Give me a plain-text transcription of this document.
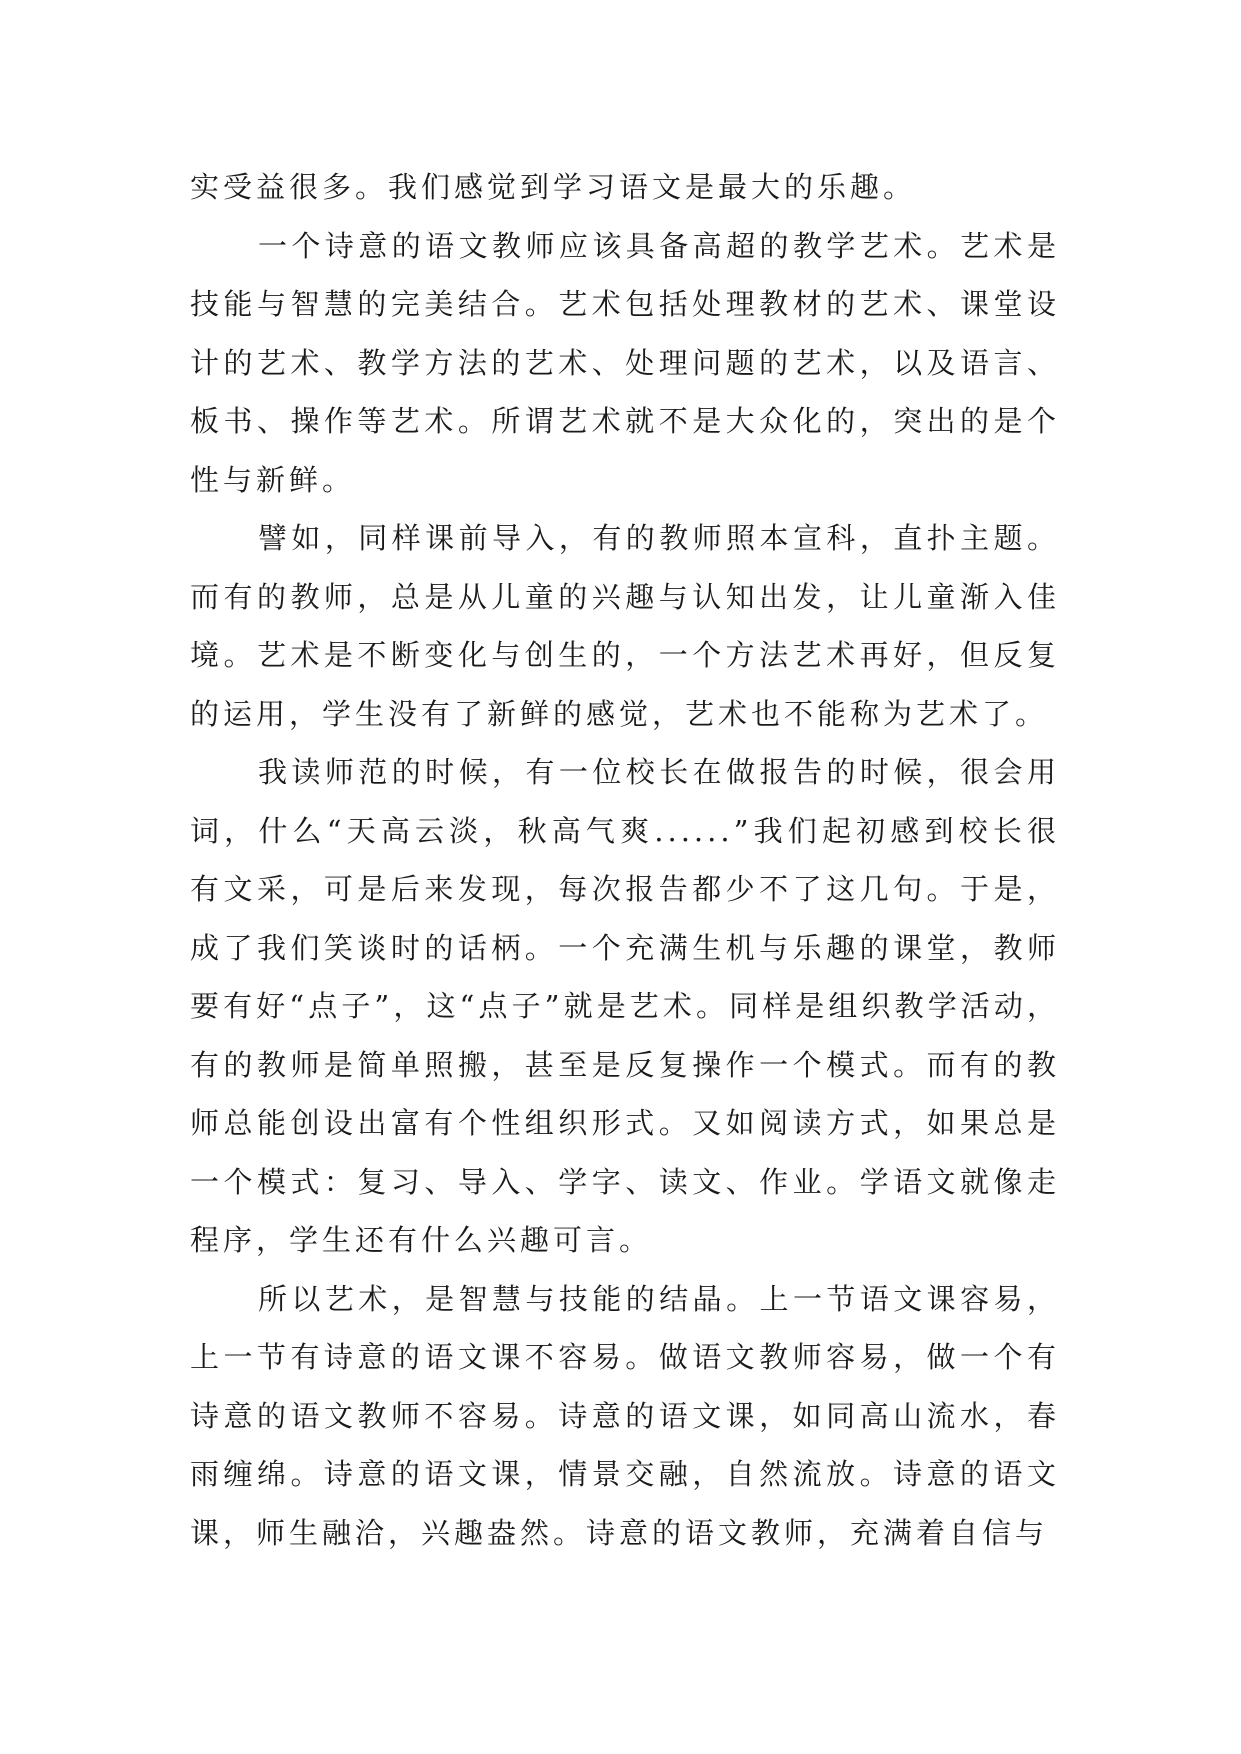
实受益很多。我们感觉到学习语文是最大的乐趣。

一个诗意的语文教师应该具备高超的教学艺术。艺术是技能与智慧的完美结合。艺术包括处理教材的艺术、课堂设计的艺术、教学方法的艺术、处理问题的艺术，以及语言、板书、操作等艺术。所谓艺术就不是大众化的，突出的是个性与新鲜。

譬如，同样课前导入，有的教师照本宣科，直扑主题。而有的教师，总是从儿童的兴趣与认知出发，让儿童渐入佳境。艺术是不断变化与创生的，一个方法艺术再好，但反复的运用，学生没有了新鲜的感觉，艺术也不能称为艺术了。

我读师范的时候，有一位校长在做报告的时候，很会用词，什么“天高云淡，秋高气爽......”我们起初感到校长很有文采，可是后来发现，每次报告都少不了这几句。于是，成了我们笑谈时的话柄。一个充满生机与乐趣的课堂，教师要有好“点子”，这“点子”就是艺术。同样是组织教学活动，有的教师是简单照搬，甚至是反复操作一个模式。而有的教师总能创设出富有个性组织形式。又如阅读方式，如果总是一个模式：复习、导入、学字、读文、作业。学语文就像走程序，学生还有什么兴趣可言。

所以艺术，是智慧与技能的结晶。上一节语文课容易，上一节有诗意的语文课不容易。做语文教师容易，做一个有诗意的语文教师不容易。诗意的语文课，如同高山流水，春雨缠绵。诗意的语文课，情景交融，自然流放。诗意的语文课，师生融洽，兴趣盎然。诗意的语文教师，充满着自信与
